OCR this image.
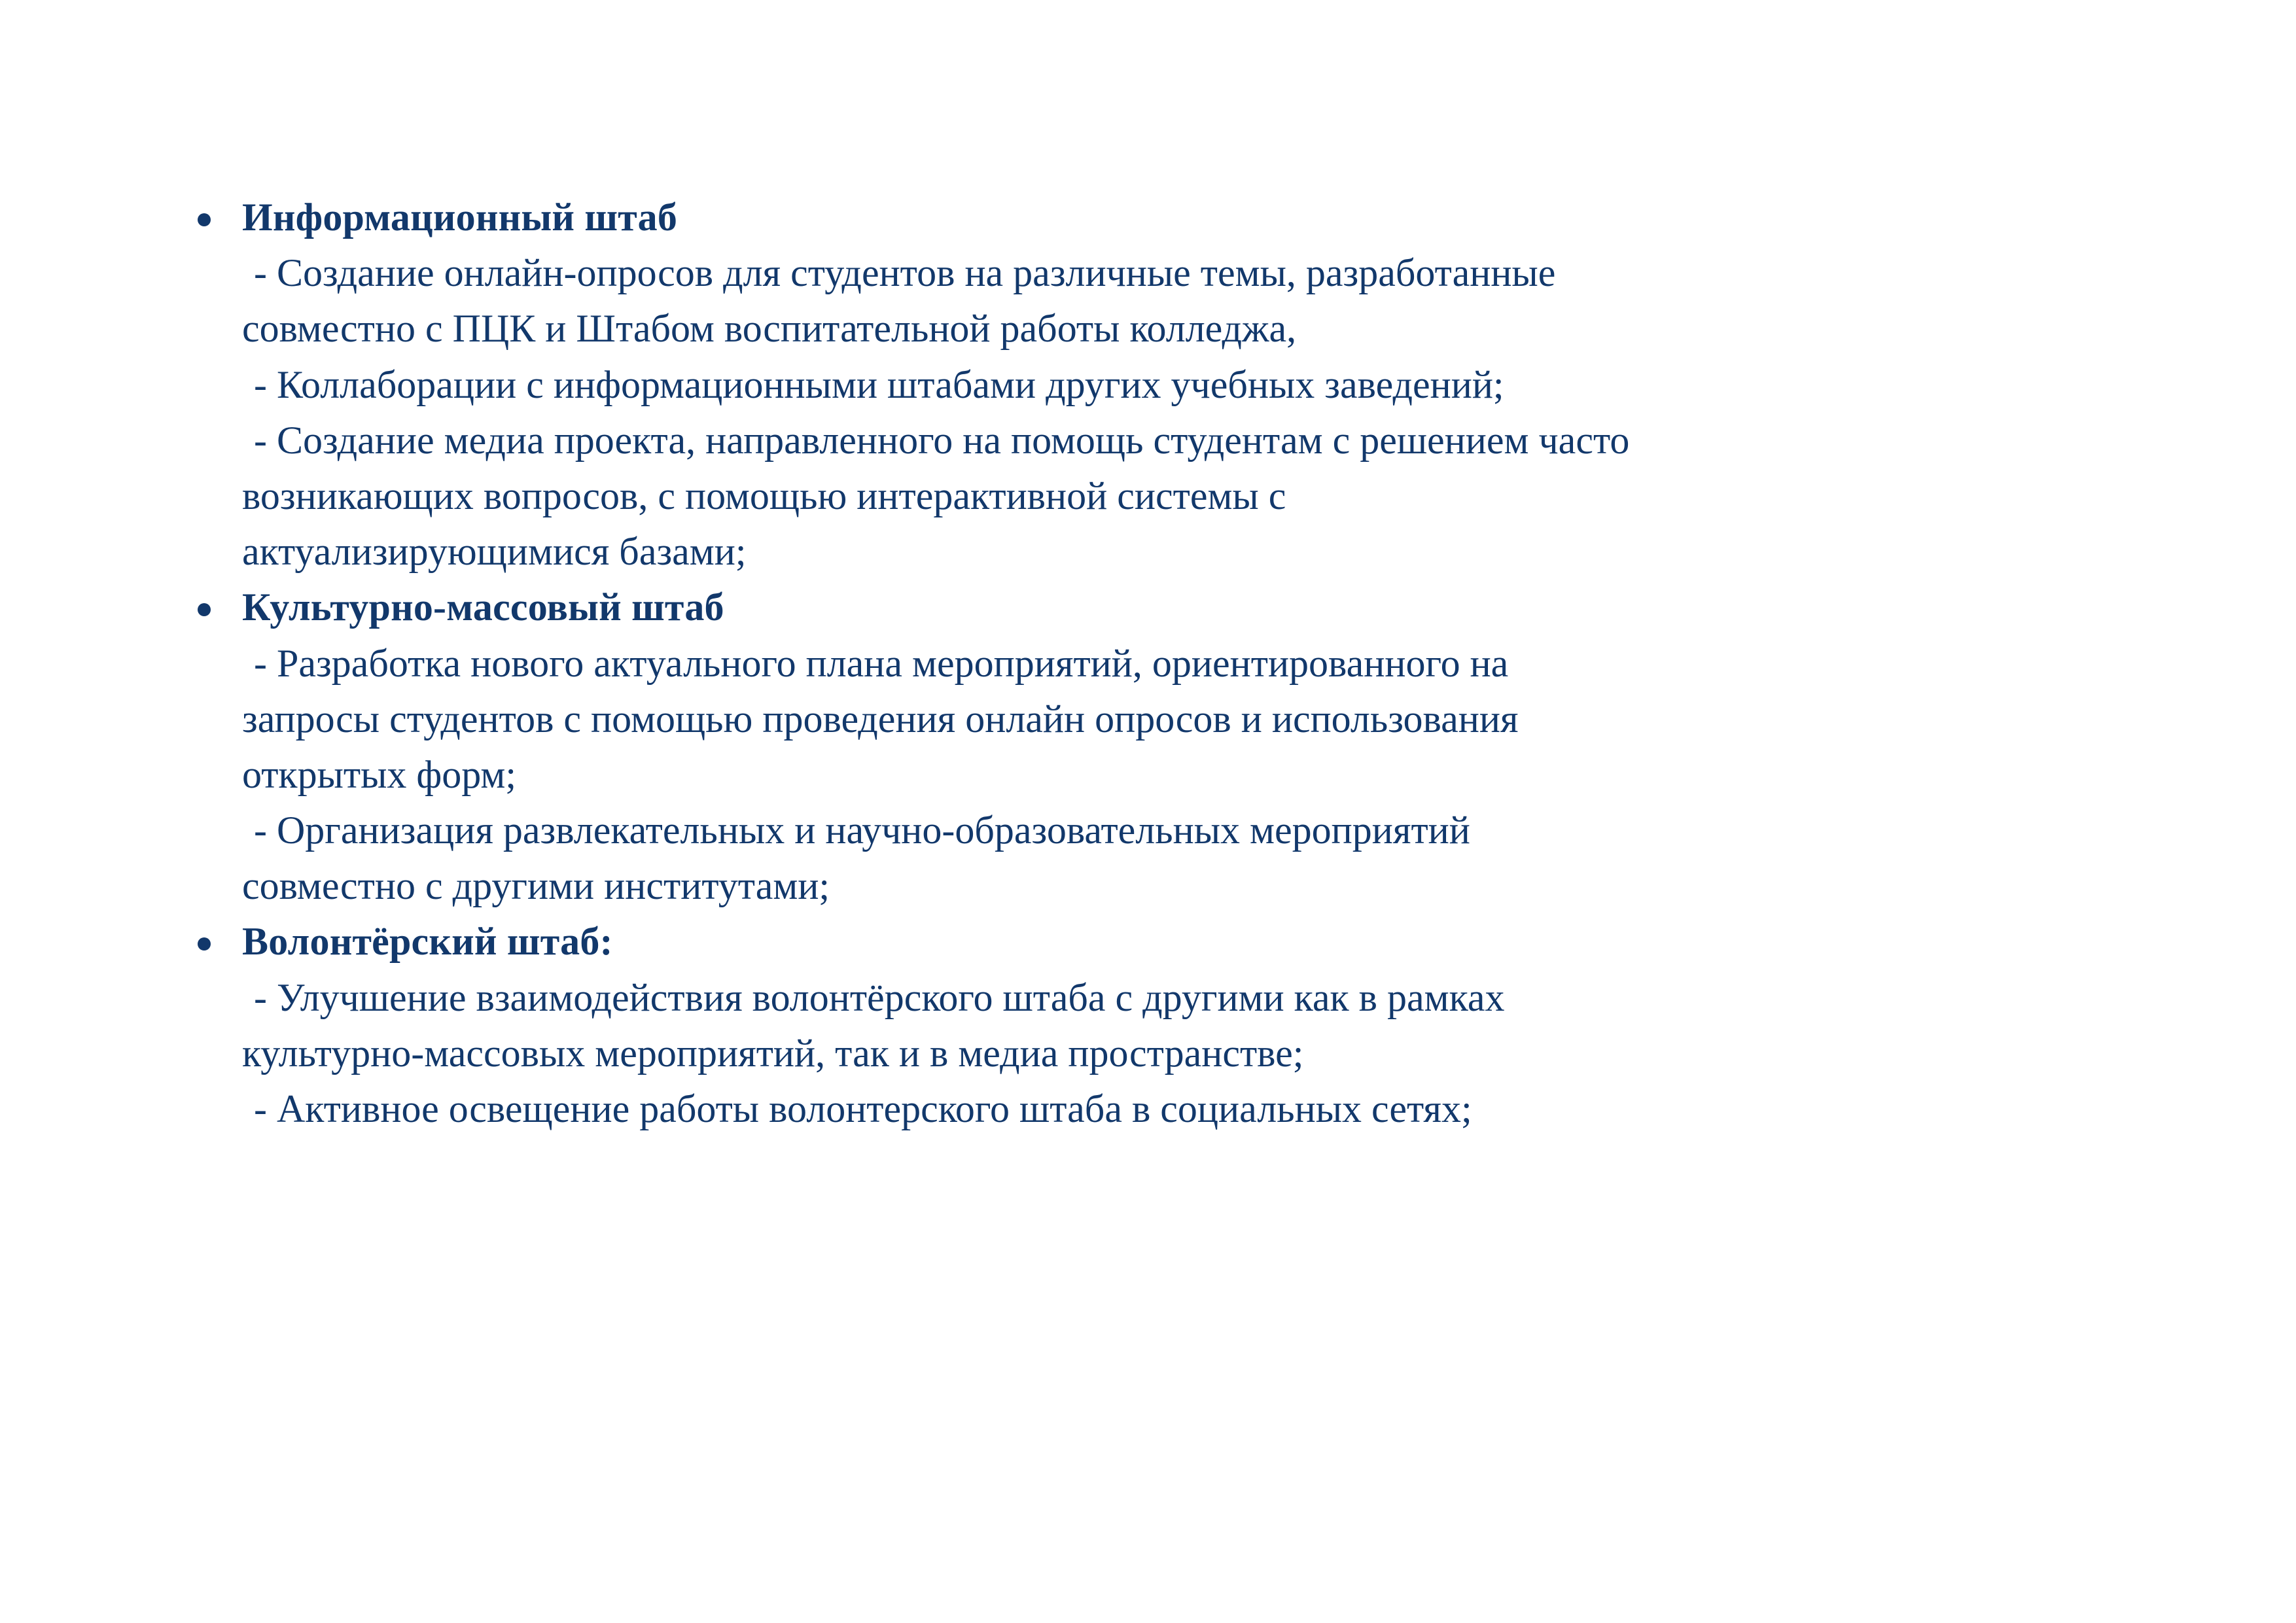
Информационный штаб
- Создание онлайн-опросов для студентов на различные темы, разработанные
совместно с ПЦК и Штабом воспитательной работы колледжа,
- Коллаборации с информационными штабами других учебных заведений;
- Создание медиа проекта, направленного на помощь студентам с решением часто
возникающих вопросов, с помощью интерактивной системы с
актуализирующимися базами;
Культурно-массовый штаб
- Разработка нового актуального плана мероприятий, ориентированного на
запросы студентов с помощью проведения онлайн опросов и использования
открытых форм;
- Организация развлекательных и научно-образовательных мероприятий
совместно с другими институтами;
Волонтёрский штаб:
- Улучшение взаимодействия волонтёрского штаба с другими как в рамках
культурно-массовых мероприятий, так и в медиа пространстве;
- Активное освещение работы волонтерского штаба в социальных сетях;
